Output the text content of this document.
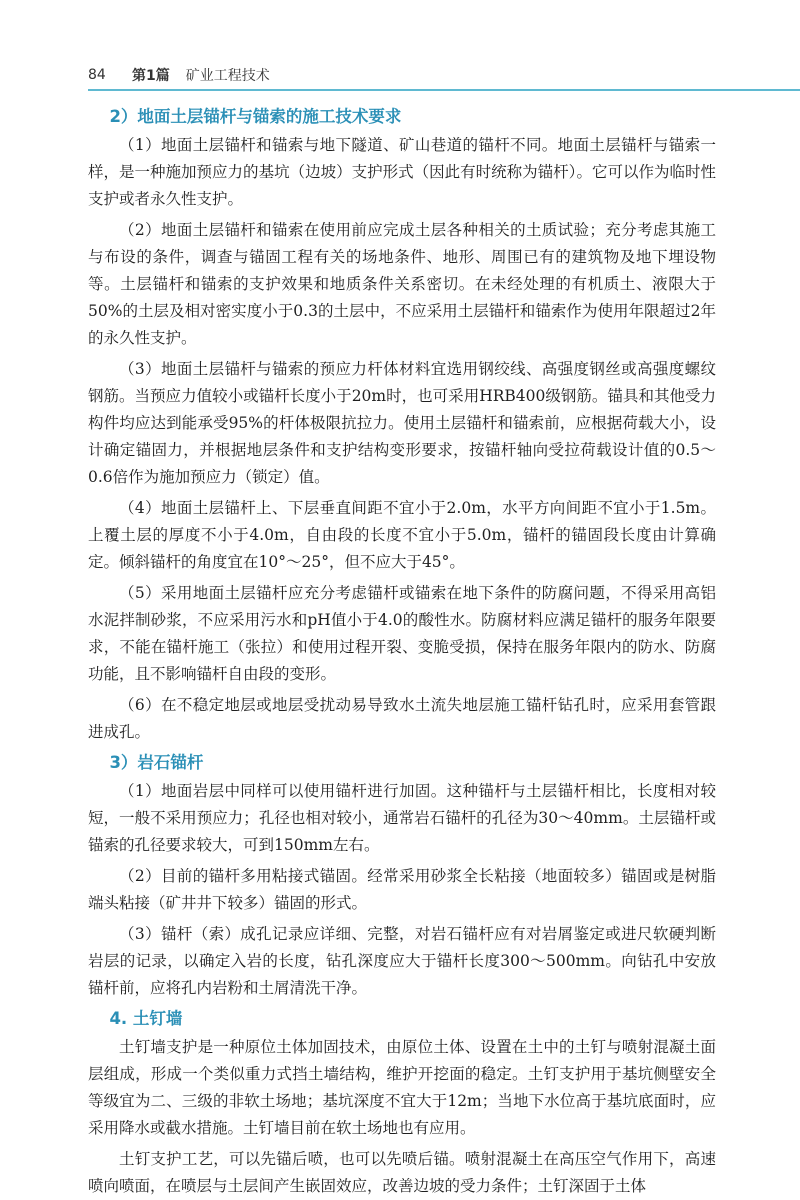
84	第1篇 矿业工程技术
2）地面土层锚杆与锚索的施工技术要求

（1）地面土层锚杆和锚索与地下隧道、矿山巷道的锚杆不同。地面土层锚杆与锚索一样，是一种施加预应力的基坑（边坡）支护形式（因此有时统称为锚杆）。它可以作为临时性支护或者永久性支护。

（2）地面土层锚杆和锚索在使用前应完成土层各种相关的土质试验；充分考虑其施工与布设的条件，调查与锚固工程有关的场地条件、地形、周围已有的建筑物及地下埋设物等。土层锚杆和锚索的支护效果和地质条件关系密切。在未经处理的有机质土、液限大于50%的土层及相对密实度小于0.3的土层中，不应采用土层锚杆和锚索作为使用年限超过2年的永久性支护。

（3）地面土层锚杆与锚索的预应力杆体材料宜选用钢绞线、高强度钢丝或高强度螺纹钢筋。当预应力值较小或锚杆长度小于20m时，也可采用HRB400级钢筋。锚具和其他受力构件均应达到能承受95%的杆体极限抗拉力。使用土层锚杆和锚索前，应根据荷载大小，设计确定锚固力，并根据地层条件和支护结构变形要求，按锚杆轴向受拉荷载设计值的0.5～0.6倍作为施加预应力（锁定）值。

（4）地面土层锚杆上、下层垂直间距不宜小于2.0m，水平方向间距不宜小于1.5m。上覆土层的厚度不小于4.0m，自由段的长度不宜小于5.0m，锚杆的锚固段长度由计算确定。倾斜锚杆的角度宜在10°～25°，但不应大于45°。

（5）采用地面土层锚杆应充分考虑锚杆或锚索在地下条件的防腐问题，不得采用高铝水泥拌制砂浆，不应采用污水和pH值小于4.0的酸性水。防腐材料应满足锚杆的服务年限要求，不能在锚杆施工（张拉）和使用过程开裂、变脆受损，保持在服务年限内的防水、防腐功能，且不影响锚杆自由段的变形。

（6）在不稳定地层或地层受扰动易导致水土流失地层施工锚杆钻孔时，应采用套管跟进成孔。

3）岩石锚杆

（1）地面岩层中同样可以使用锚杆进行加固。这种锚杆与土层锚杆相比，长度相对较短，一般不采用预应力；孔径也相对较小，通常岩石锚杆的孔径为30～40mm。土层锚杆或锚索的孔径要求较大，可到150mm左右。

（2）目前的锚杆多用粘接式锚固。经常采用砂浆全长粘接（地面较多）锚固或是树脂端头粘接（矿井井下较多）锚固的形式。

（3）锚杆（索）成孔记录应详细、完整，对岩石锚杆应有对岩屑鉴定或进尺软硬判断岩层的记录，以确定入岩的长度，钻孔深度应大于锚杆长度300～500mm。向钻孔中安放锚杆前，应将孔内岩粉和土屑清洗干净。

4. 土钉墙

土钉墙支护是一种原位土体加固技术，由原位土体、设置在土中的土钉与喷射混凝土面层组成，形成一个类似重力式挡土墙结构，维护开挖面的稳定。土钉支护用于基坑侧壁安全等级宜为二、三级的非软土场地；基坑深度不宜大于12m；当地下水位高于基坑底面时，应采用降水或截水措施。土钉墙目前在软土场地也有应用。

土钉支护工艺，可以先锚后喷，也可以先喷后锚。喷射混凝土在高压空气作用下，高速喷向喷面，在喷层与土层间产生嵌固效应，改善边坡的受力条件；土钉深固于土体
